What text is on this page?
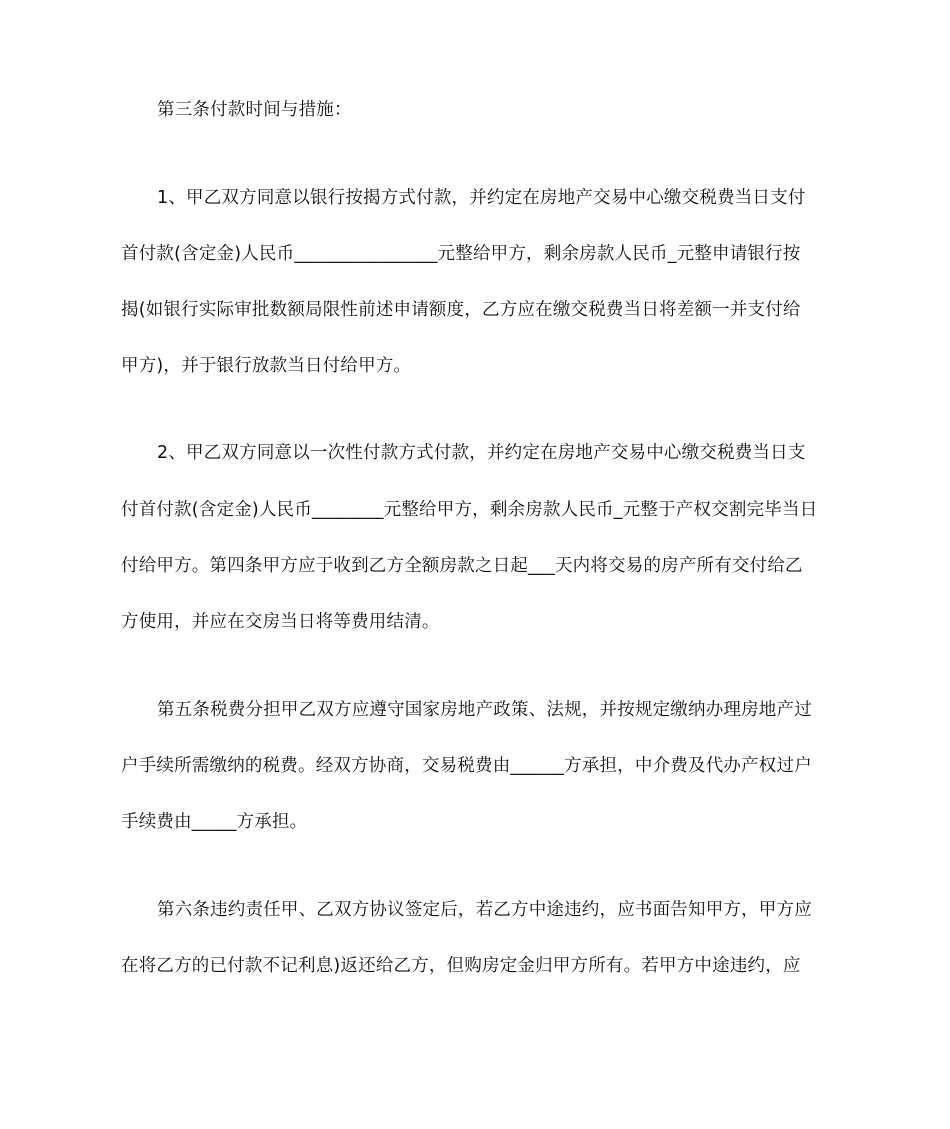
第三条付款时间与措施：
1、甲乙双方同意以银行按揭方式付款，并约定在房地产交易中心缴交税费当日支付
首付款(含定金)人民币________________元整给甲方，剩余房款人民币_元整申请银行按
揭(如银行实际审批数额局限性前述申请额度，乙方应在缴交税费当日将差额一并支付给
甲方)，并于银行放款当日付给甲方。
2、甲乙双方同意以一次性付款方式付款，并约定在房地产交易中心缴交税费当日支
付首付款(含定金)人民币________元整给甲方，剩余房款人民币_元整于产权交割完毕当日
付给甲方。第四条甲方应于收到乙方全额房款之日起___天内将交易的房产所有交付给乙
方使用，并应在交房当日将等费用结清。
第五条税费分担甲乙双方应遵守国家房地产政策、法规，并按规定缴纳办理房地产过
户手续所需缴纳的税费。经双方协商，交易税费由______方承担，中介费及代办产权过户
手续费由_____方承担。
第六条违约责任甲、乙双方协议签定后，若乙方中途违约，应书面告知甲方，甲方应
在将乙方的已付款不记利息)返还给乙方，但购房定金归甲方所有。若甲方中途违约，应
